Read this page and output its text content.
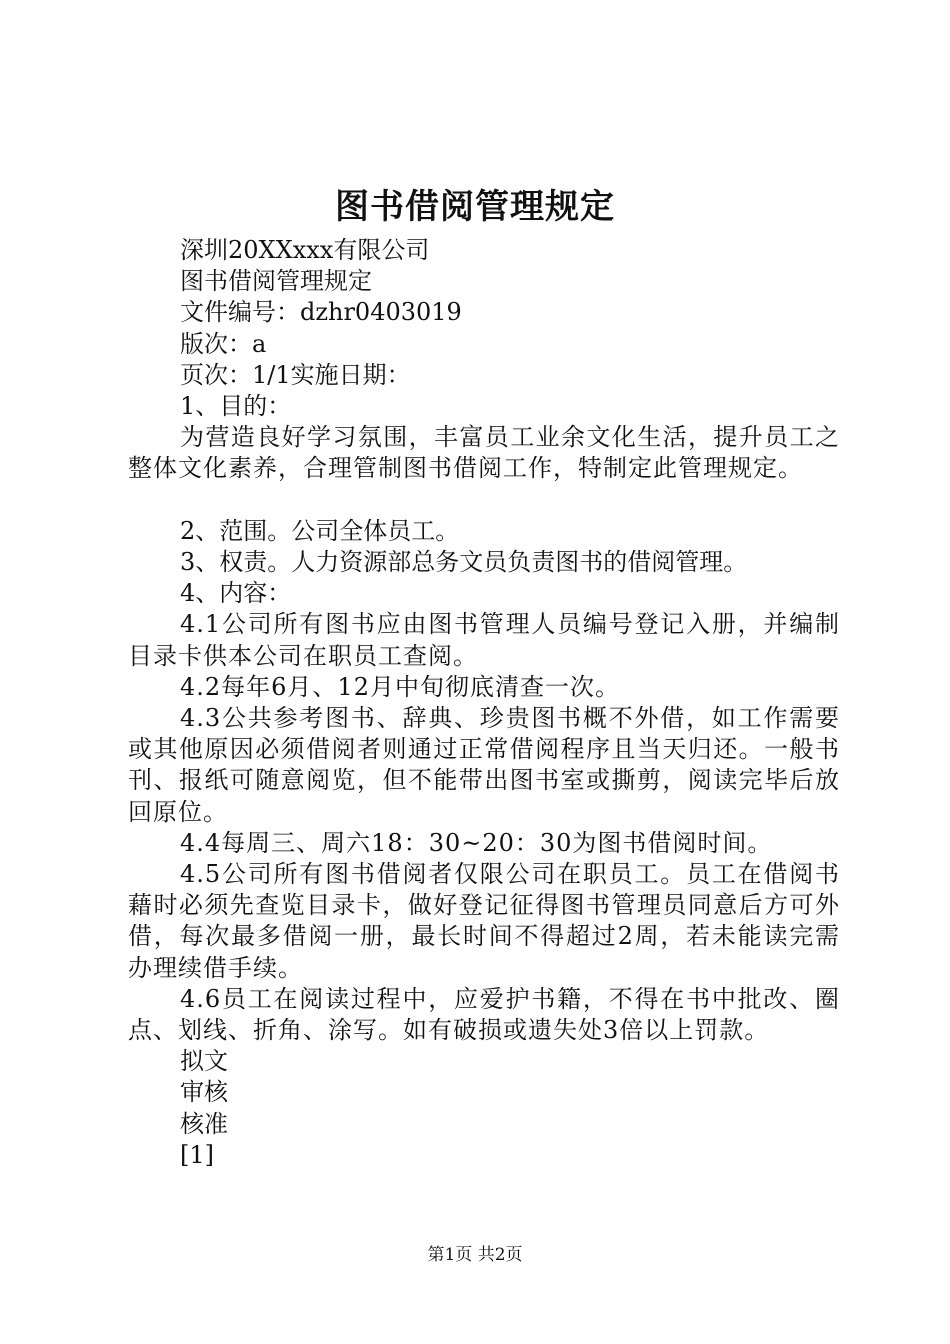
图书借阅管理规定

深圳20XXxxx有限公司

图书借阅管理规定

文件编号：dzhr0403019

版次：a

页次：1/1实施日期：

1、目的：

为营造良好学习氛围，丰富员工业余文化生活，提升员工之整体文化素养，合理管制图书借阅工作，特制定此管理规定。

2、范围。公司全体员工。

3、权责。人力资源部总务文员负责图书的借阅管理。

4、内容：

4.1公司所有图书应由图书管理人员编号登记入册，并编制目录卡供本公司在职员工查阅。

4.2每年6月、12月中旬彻底清查一次。

4.3公共参考图书、辞典、珍贵图书概不外借，如工作需要或其他原因必须借阅者则通过正常借阅程序且当天归还。一般书刊、报纸可随意阅览，但不能带出图书室或撕剪，阅读完毕后放回原位。

4.4每周三、周六18：30~20：30为图书借阅时间。

4.5公司所有图书借阅者仅限公司在职员工。员工在借阅书藉时必须先查览目录卡，做好登记征得图书管理员同意后方可外借，每次最多借阅一册，最长时间不得超过2周，若未能读完需办理续借手续。

4.6员工在阅读过程中，应爱护书籍，不得在书中批改、圈点、划线、折角、涂写。如有破损或遗失处3倍以上罚款。

拟文

审核

核准

[1]

第1页 共2页
